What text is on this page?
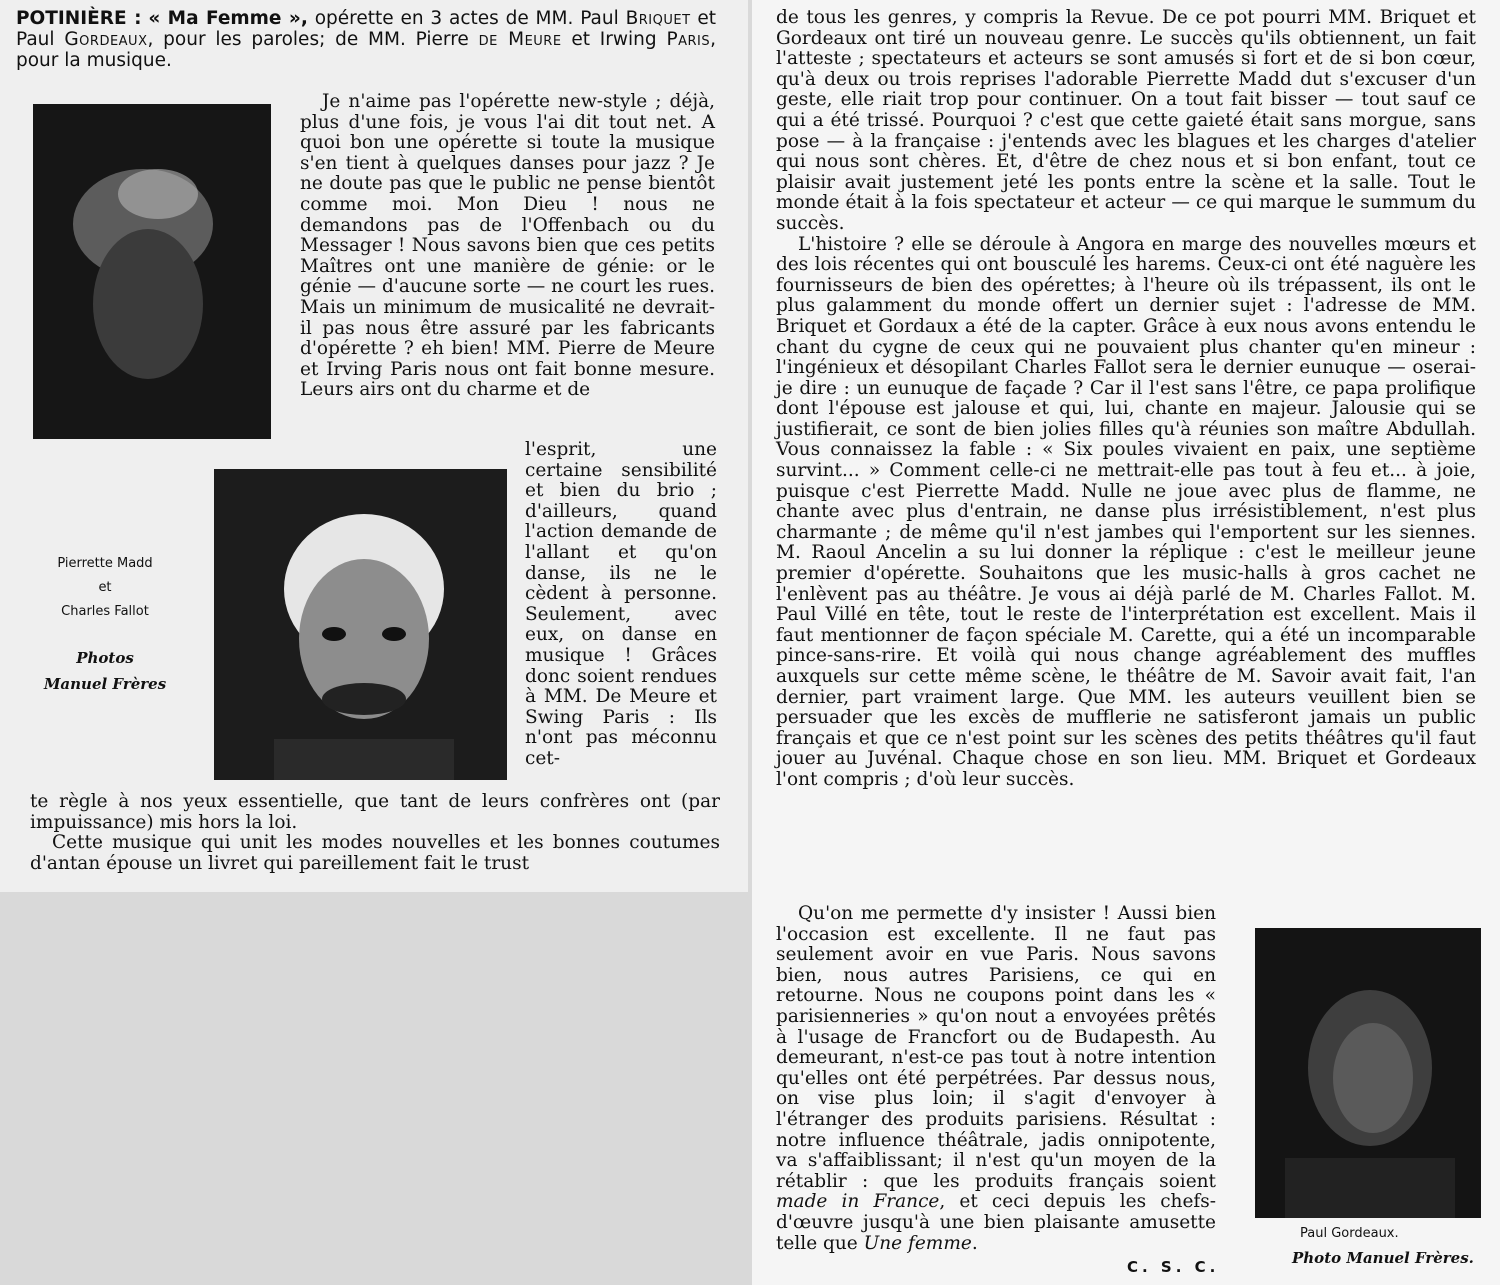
POTINIÈRE : « Ma Femme », opérette en 3 actes de MM. Paul Briquet et Paul Gordeaux, pour les paroles; de MM. Pierre de Meure et Irwing Paris, pour la musique.
Pierrette Madd
et
Charles Fallot
Photos
Manuel Frères

Je n'aime pas l'opérette new-style ; déjà, plus d'une fois, je vous l'ai dit tout net. A quoi bon une opérette si toute la musique s'en tient à quelques danses pour jazz ? Je ne doute pas que le public ne pense bientôt comme moi. Mon Dieu ! nous ne demandons pas de l'Offenbach ou du Messager ! Nous savons bien que ces petits Maîtres ont une manière de génie: or le génie — d'aucune sorte — ne court les rues. Mais un minimum de musicalité ne devrait-il pas nous être assuré par les fabricants d'opérette ? eh bien! MM. Pierre de Meure et Irving Paris nous ont fait bonne mesure. Leurs airs ont du charme et de

l'esprit, une certaine sensibilité et bien du brio ; d'ailleurs, quand l'action demande de l'allant et qu'on danse, ils ne le cèdent à personne. Seulement, avec eux, on danse en musique ! Grâces donc soient rendues à MM. De Meure et Swing Paris : Ils n'ont pas méconnu cet-

te règle à nos yeux essentielle, que tant de leurs confrères ont (par impuissance) mis hors la loi.

Cette musique qui unit les modes nouvelles et les bonnes coutumes d'antan épouse un livret qui pareillement fait le trust

de tous les genres, y compris la Revue. De ce pot pourri MM. Briquet et Gordeaux ont tiré un nouveau genre. Le succès qu'ils obtiennent, un fait l'atteste ; spectateurs et acteurs se sont amusés si fort et de si bon cœur, qu'à deux ou trois reprises l'adorable Pierrette Madd dut s'excuser d'un geste, elle riait trop pour continuer. On a tout fait bisser — tout sauf ce qui a été trissé. Pourquoi ? c'est que cette gaieté était sans morgue, sans pose — à la française : j'entends avec les blagues et les charges d'atelier qui nous sont chères. Et, d'être de chez nous et si bon enfant, tout ce plaisir avait justement jeté les ponts entre la scène et la salle. Tout le monde était à la fois spectateur et acteur — ce qui marque le summum du succès.

L'histoire ? elle se déroule à Angora en marge des nouvelles mœurs et des lois récentes qui ont bousculé les harems. Ceux-ci ont été naguère les fournisseurs de bien des opérettes; à l'heure où ils trépassent, ils ont le plus galamment du monde offert un dernier sujet : l'adresse de MM. Briquet et Gordaux a été de la capter. Grâce à eux nous avons entendu le chant du cygne de ceux qui ne pouvaient plus chanter qu'en mineur : l'ingénieux et désopilant Charles Fallot sera le dernier eunuque — oserai-je dire : un eunuque de façade ? Car il l'est sans l'être, ce papa prolifique dont l'épouse est jalouse et qui, lui, chante en majeur. Jalousie qui se justifierait, ce sont de bien jolies filles qu'à réunies son maître Abdullah. Vous connaissez la fable : « Six poules vivaient en paix, une septième survint... » Comment celle-ci ne mettrait-elle pas tout à feu et... à joie, puisque c'est Pierrette Madd. Nulle ne joue avec plus de flamme, ne chante avec plus d'entrain, ne danse plus irrésistiblement, n'est plus charmante ; de même qu'il n'est jambes qui l'emportent sur les siennes. M. Raoul Ancelin a su lui donner la réplique : c'est le meilleur jeune premier d'opérette. Souhaitons que les music-halls à gros cachet ne l'enlèvent pas au théâtre. Je vous ai déjà parlé de M. Charles Fallot. M. Paul Villé en tête, tout le reste de l'interprétation est excellent. Mais il faut mentionner de façon spéciale M. Carette, qui a été un incomparable pince-sans-rire. Et voilà qui nous change agréablement des muffles auxquels sur cette même scène, le théâtre de M. Savoir avait fait, l'an dernier, part vraiment large. Que MM. les auteurs veuillent bien se persuader que les excès de mufflerie ne satisferont jamais un public français et que ce n'est point sur les scènes des petits théâtres qu'il faut jouer au Juvénal. Chaque chose en son lieu. MM. Briquet et Gordeaux l'ont compris ; d'où leur succès.

Qu'on me permette d'y insister ! Aussi bien l'occasion est excellente. Il ne faut pas seulement avoir en vue Paris. Nous savons bien, nous autres Parisiens, ce qui en retourne. Nous ne coupons point dans les « parisienneries » qu'on nout a envoyées prêtés à l'usage de Francfort ou de Budapesth. Au demeurant, n'est-ce pas tout à notre intention qu'elles ont été perpétrées. Par dessus nous, on vise plus loin; il s'agit d'envoyer à l'étranger des produits parisiens. Résultat : notre influence théâtrale, jadis onnipotente, va s'affaiblissant; il n'est qu'un moyen de la rétablir : que les produits français soient made in France, et ceci depuis les chefs-d'œuvre jusqu'à une bien plaisante amusette telle que Une femme.

C. S. C.
Paul Gordeaux.
Photo Manuel Frères.
